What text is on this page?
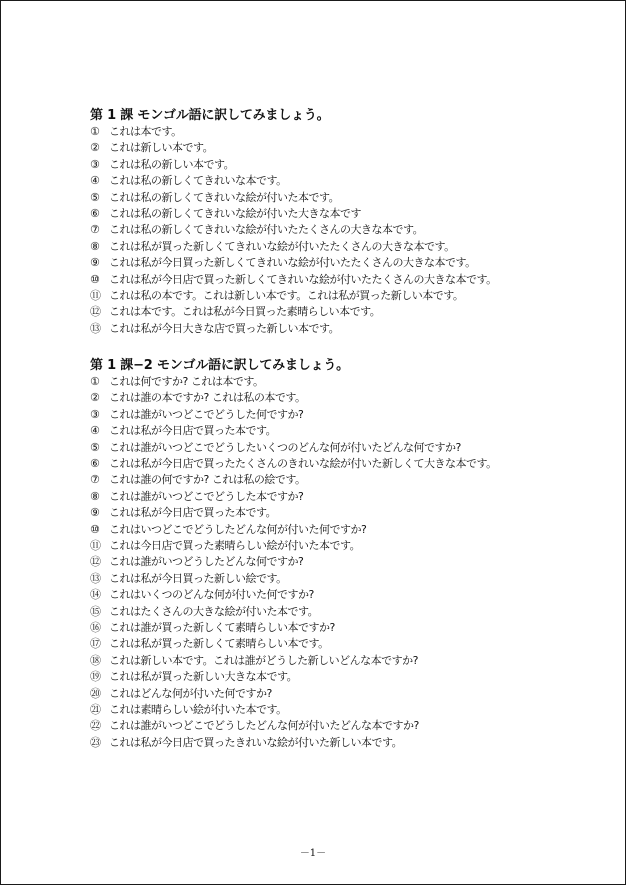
第 1 課 モンゴル語に訳してみましょう。
① これは本です。
② これは新しい本です。
③ これは私の新しい本です。
④ これは私の新しくてきれいな本です。
⑤ これは私の新しくてきれいな絵が付いた本です。
⑥ これは私の新しくてきれいな絵が付いた大きな本です
⑦ これは私の新しくてきれいな絵が付いたたくさんの大きな本です。
⑧ これは私が買った新しくてきれいな絵が付いたたくさんの大きな本です。
⑨ これは私が今日買った新しくてきれいな絵が付いたたくさんの大きな本です。
⑩ これは私が今日店で買った新しくてきれいな絵が付いたたくさんの大きな本です。
⑪ これは私の本です。これは新しい本です。これは私が買った新しい本です。
⑫ これは本です。これは私が今日買った素晴らしい本です。
⑬ これは私が今日大きな店で買った新しい本です。
第 1 課−2 モンゴル語に訳してみましょう。
① これは何ですか? これは本です。
② これは誰の本ですか? これは私の本です。
③ これは誰がいつどこでどうした何ですか?
④ これは私が今日店で買った本です。
⑤ これは誰がいつどこでどうしたいくつのどんな何が付いたどんな何ですか?
⑥ これは私が今日店で買ったたくさんのきれいな絵が付いた新しくて大きな本です。
⑦ これは誰の何ですか? これは私の絵です。
⑧ これは誰がいつどこでどうした本ですか?
⑨ これは私が今日店で買った本です。
⑩ これはいつどこでどうしたどんな何が付いた何ですか?
⑪ これは今日店で買った素晴らしい絵が付いた本です。
⑫ これは誰がいつどうしたどんな何ですか?
⑬ これは私が今日買った新しい絵です。
⑭ これはいくつのどんな何が付いた何ですか?
⑮ これはたくさんの大きな絵が付いた本です。
⑯ これは誰が買った新しくて素晴らしい本ですか?
⑰ これは私が買った新しくて素晴らしい本です。
⑱ これは新しい本です。これは誰がどうした新しいどんな本ですか?
⑲ これは私が買った新しい大きな本です。
⑳ これはどんな何が付いた何ですか?
㉑ これは素晴らしい絵が付いた本です。
㉒ これは誰がいつどこでどうしたどんな何が付いたどんな本ですか?
㉓ これは私が今日店で買ったきれいな絵が付いた新しい本です。
－1－
